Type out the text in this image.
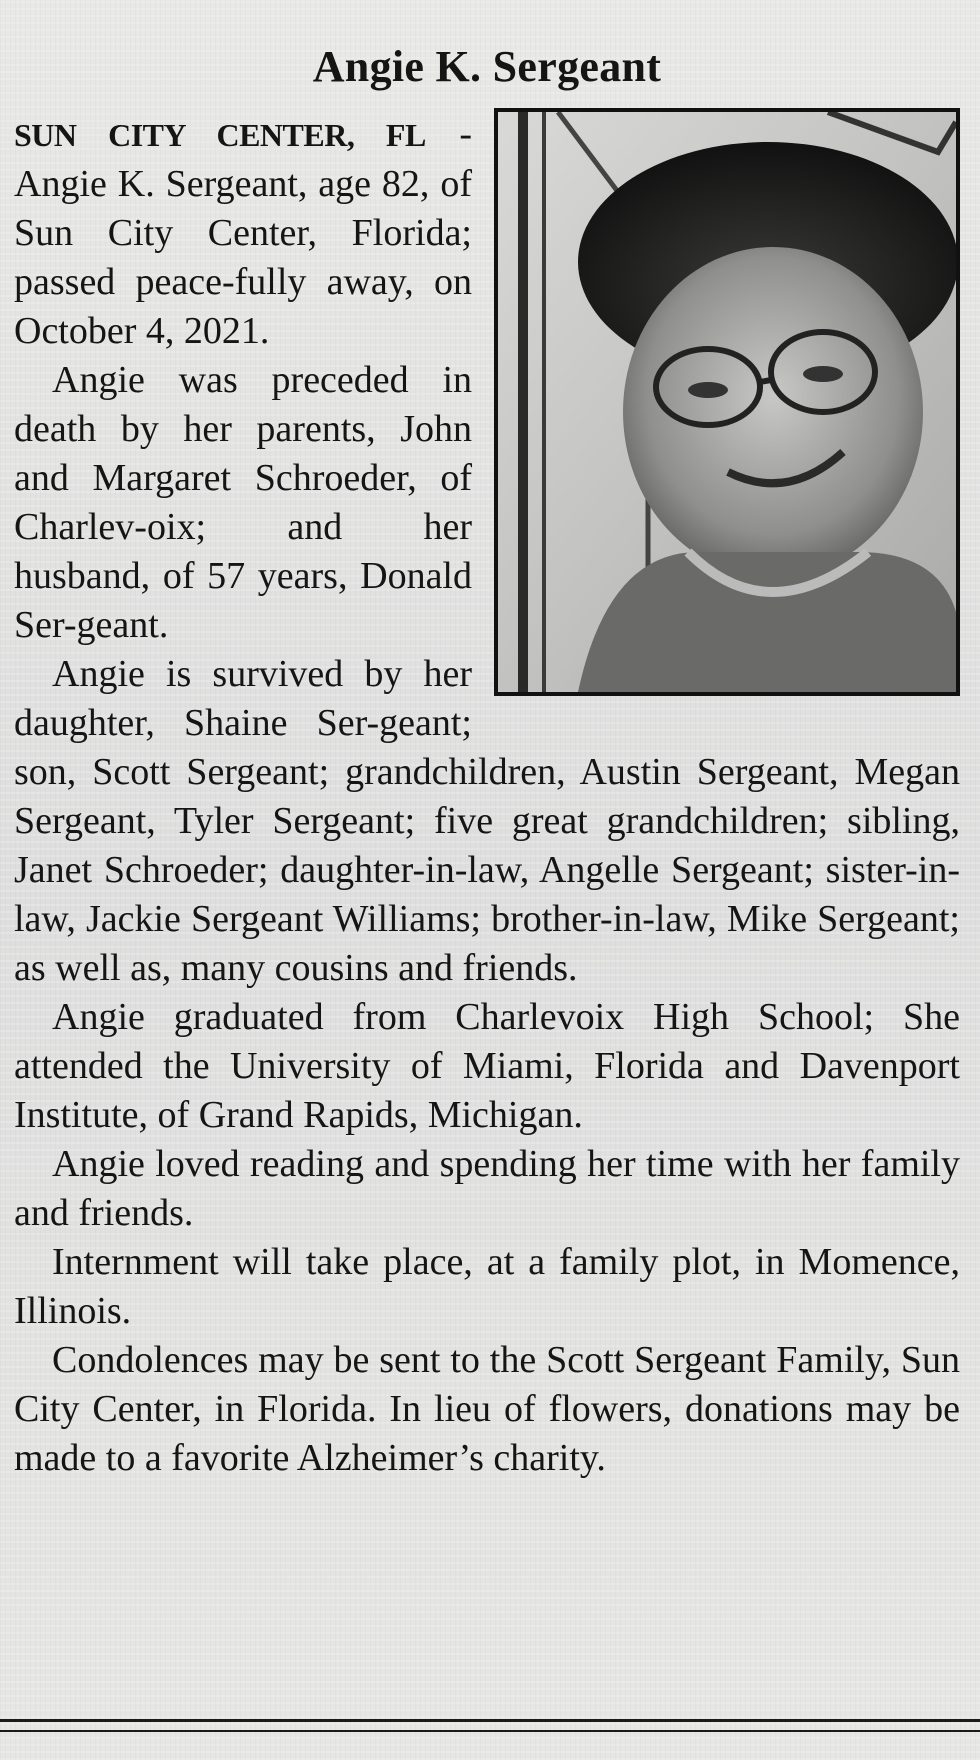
Angie K. Sergeant

SUN CITY CENTER, FL - Angie K. Sergeant, age 82, of Sun City Center, Florida; passed peace-fully away, on October 4, 2021.

Angie was preceded in death by her parents, John and Margaret Schroeder, of Charlev-oix; and her husband, of 57 years, Donald Ser-geant.

Angie is survived by her daughter, Shaine Ser-geant; son, Scott Sergeant; grandchildren, Austin Sergeant, Megan Sergeant, Tyler Sergeant; five great grandchildren; sibling, Janet Schroeder; daughter-in-law, Angelle Sergeant; sister-in-law, Jackie Sergeant Williams; brother-in-law, Mike Sergeant; as well as, many cousins and friends.

Angie graduated from Charlevoix High School; She attended the University of Miami, Florida and Davenport Institute, of Grand Rapids, Michigan.

Angie loved reading and spending her time with her family and friends.

Internment will take place, at a family plot, in Momence, Illinois.

Condolences may be sent to the Scott Sergeant Family, Sun City Center, in Florida. In lieu of flowers, donations may be made to a favorite Alzheimer’s charity.
